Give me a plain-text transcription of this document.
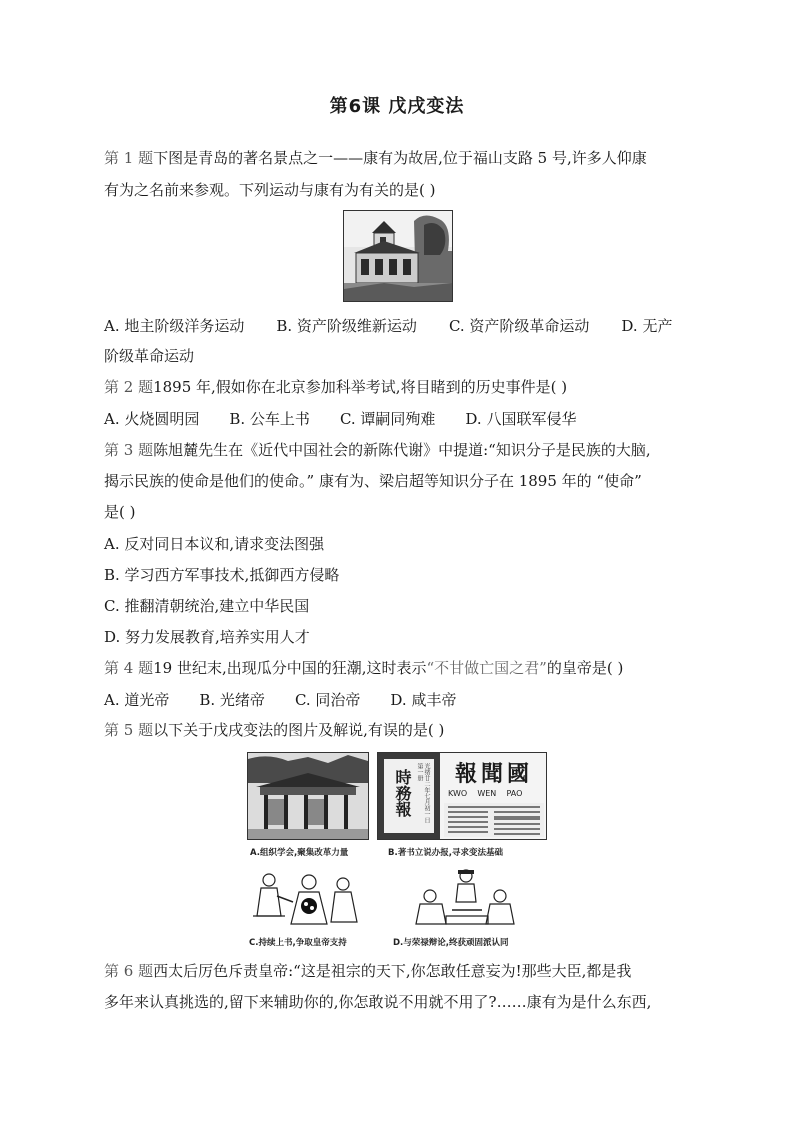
第6课 戊戌变法
第 1 题下图是青岛的著名景点之一——康有为故居,位于福山支路 5 号,许多人仰康
有为之名前来参观。下列运动与康有为有关的是( )
A. 地主阶级洋务运动 B. 资产阶级维新运动 C. 资产阶级革命运动 D. 无产
阶级革命运动
第 2 题1895 年,假如你在北京参加科举考试,将目睹到的历史事件是( )
A. 火烧圆明园 B. 公车上书 C. 谭嗣同殉难 D. 八国联军侵华
第 3 题陈旭麓先生在《近代中国社会的新陈代谢》中提道:“知识分子是民族的大脑,
揭示民族的使命是他们的使命。” 康有为、梁启超等知识分子在 1895 年的 “使命”
是( )
A. 反对同日本议和,请求变法图强
B. 学习西方军事技术,抵御西方侵略
C. 推翻清朝统治,建立中华民国
D. 努力发展教育,培养实用人才
第 4 题19 世纪末,出现瓜分中国的狂潮,这时表示“不甘做亡国之君”的皇帝是( )
A. 道光帝 B. 光绪帝 C. 同治帝 D. 咸丰帝
第 5 题以下关于戊戌变法的图片及解说,有误的是( )
時務報	光绪廿二年七月初一日 第一册	國聞報
KWO WEN PAO
A.组织学会,聚集改革力量	B.著书立说办报,寻求变法基础
C.持续上书,争取皇帝支持	D.与荣禄辩论,终获顽固派认同
第 6 题西太后厉色斥责皇帝:“这是祖宗的天下,你怎敢任意妄为!那些大臣,都是我
多年来认真挑选的,留下来辅助你的,你怎敢说不用就不用了?……康有为是什么东西,
